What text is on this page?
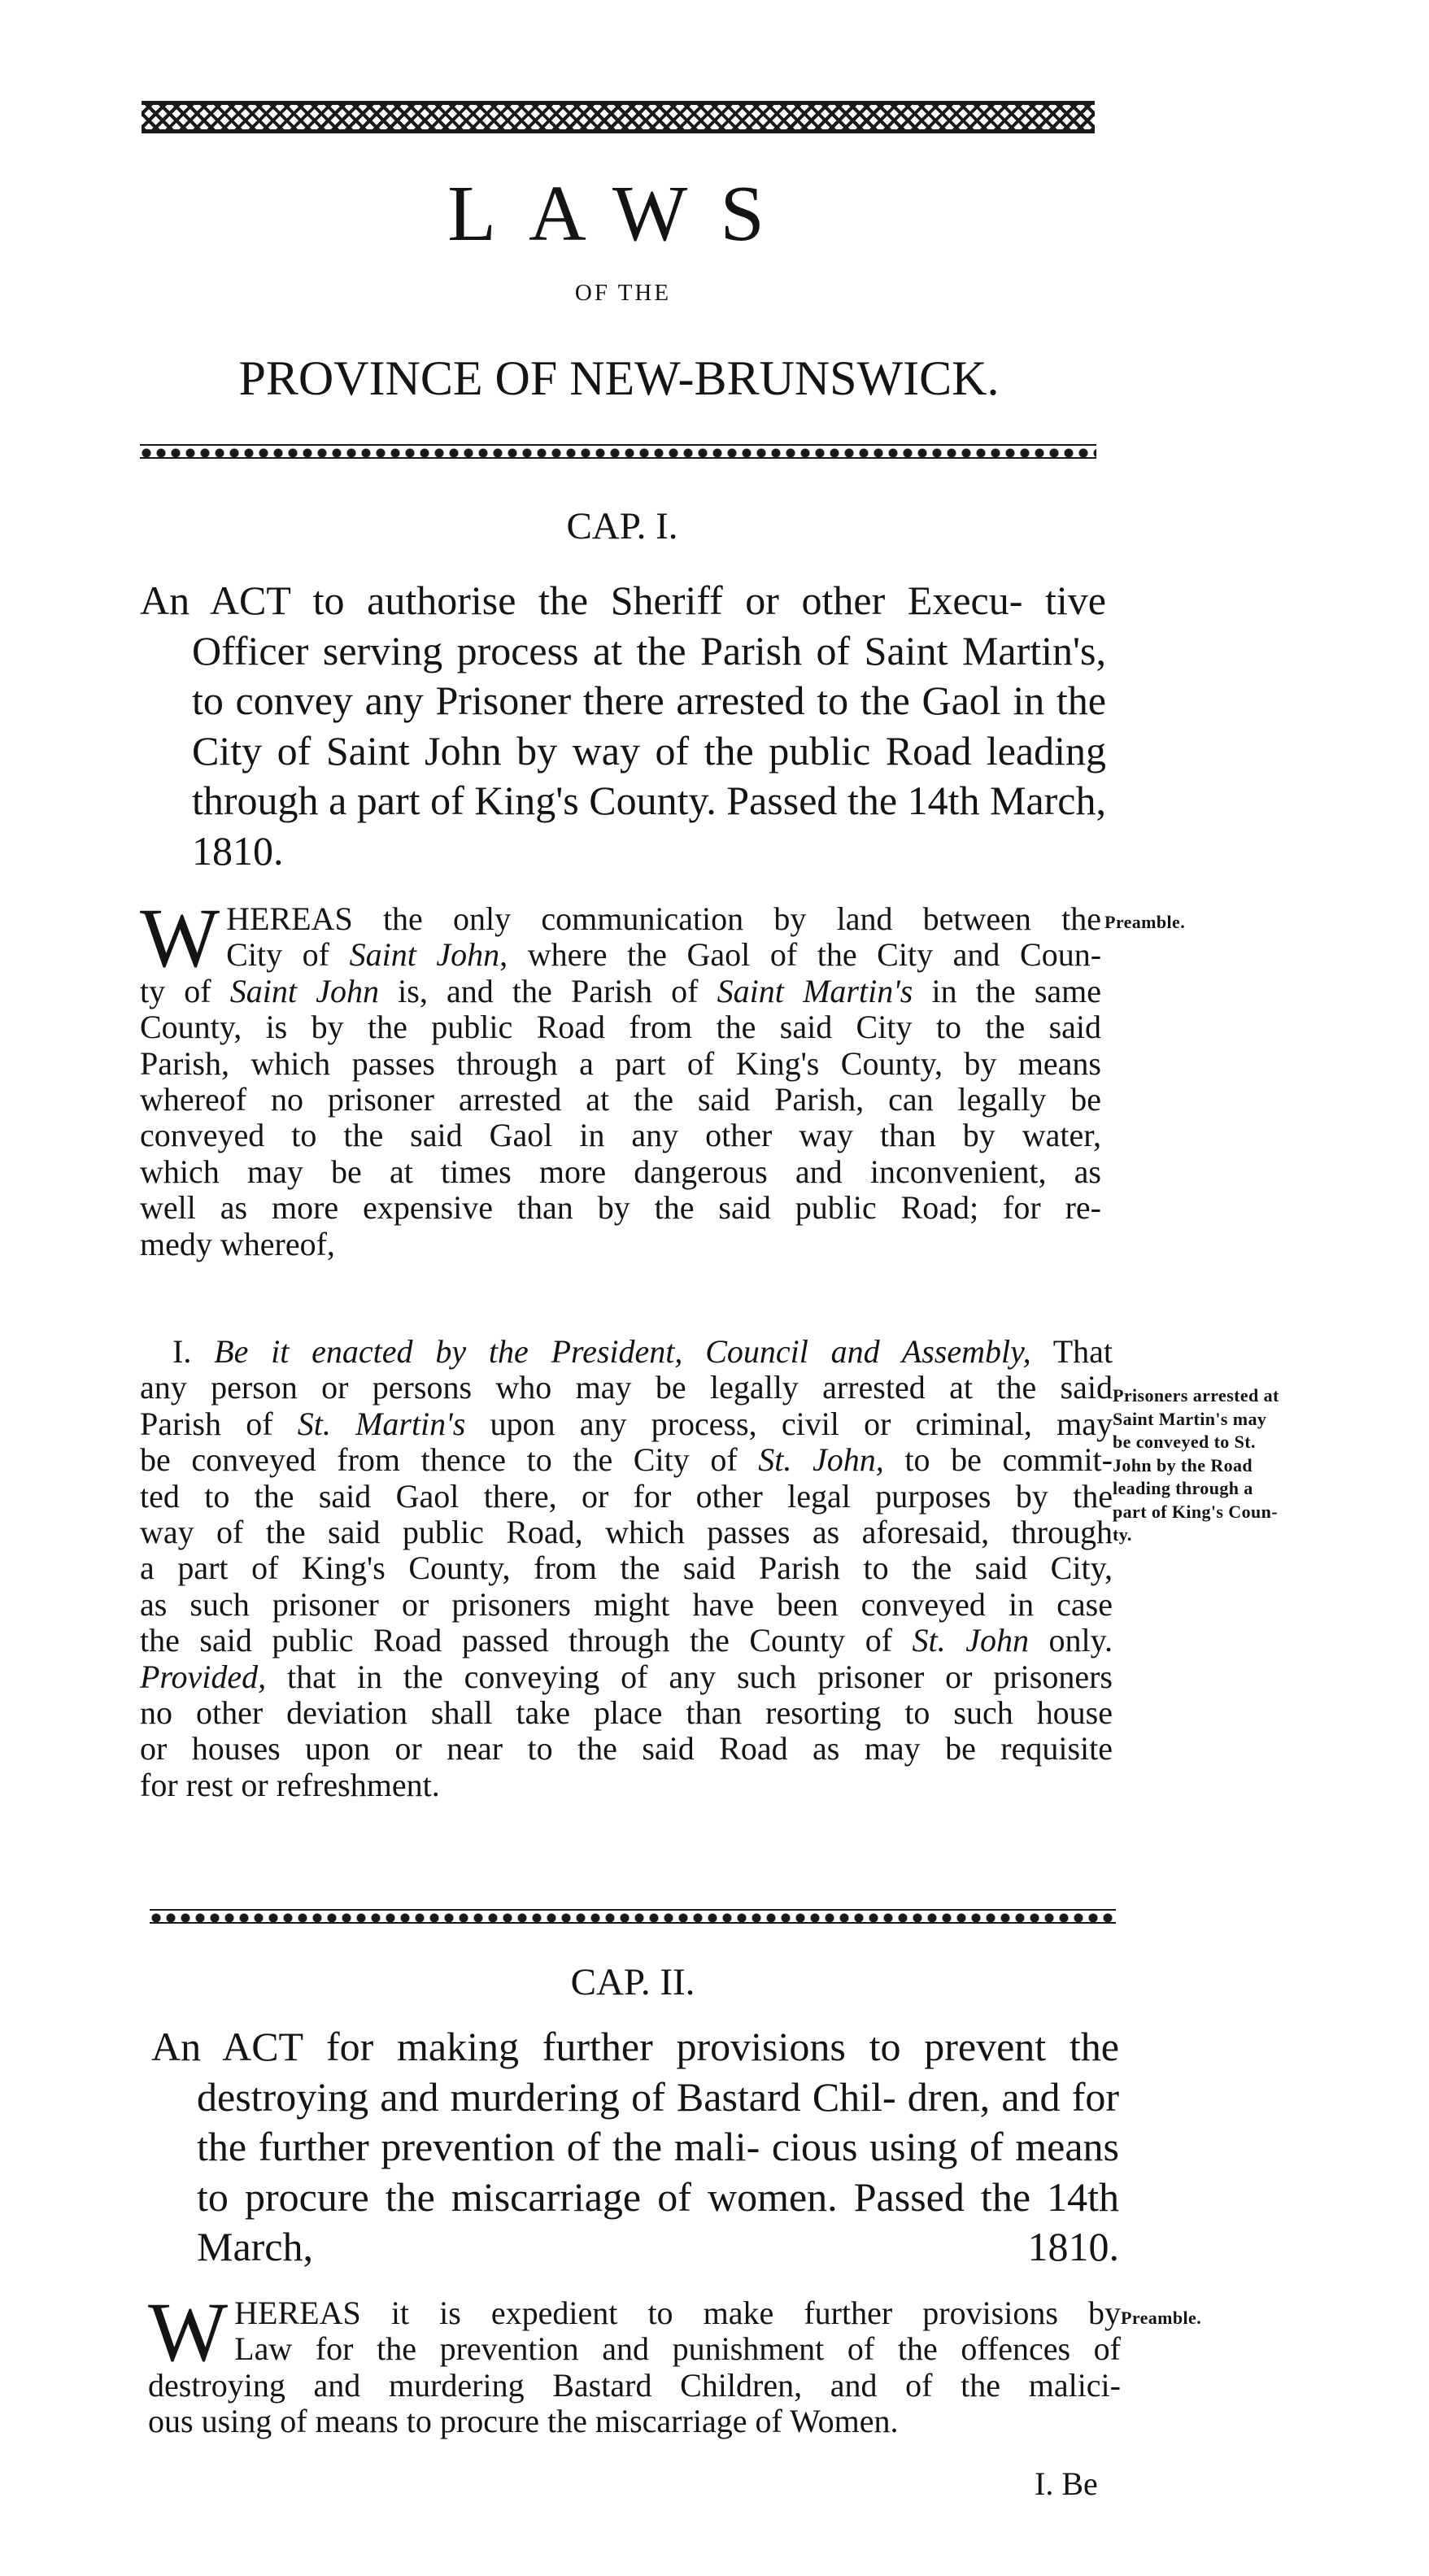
LAWS
OF THE
PROVINCE OF NEW-BRUNSWICK.
CAP. I.
An ACT to authorise the Sheriff or other Execu- tive Officer serving process at the Parish of Saint Martin's, to convey any Prisoner there arrested to the Gaol in the City of Saint John by way of the public Road leading through a part of King's County. Passed the 14th March, 1810.
W HEREAS the only communication by land between the
City of Saint John, where the Gaol of the City and Coun-
ty of Saint John is, and the Parish of Saint Martin's in the same
County, is by the public Road from the said City to the said
Parish, which passes through a part of King's County, by means
whereof no prisoner arrested at the said Parish, can legally be
conveyed to the said Gaol in any other way than by water,
which may be at times more dangerous and inconvenient, as
well as more expensive than by the said public Road; for re-
medy whereof,
Preamble.
I. Be it enacted by the President, Council and Assembly, That
any person or persons who may be legally arrested at the said
Parish of St. Martin's upon any process, civil or criminal, may
be conveyed from thence to the City of St. John, to be commit-
ted to the said Gaol there, or for other legal purposes by the
way of the said public Road, which passes as aforesaid, through
a part of King's County, from the said Parish to the said City,
as such prisoner or prisoners might have been conveyed in case
the said public Road passed through the County of St. John only.
Provided, that in the conveying of any such prisoner or prisoners
no other deviation shall take place than resorting to such house
or houses upon or near to the said Road as may be requisite
for rest or refreshment.
Prisoners arrested at
Saint Martin's may
be conveyed to St.
John by the Road
leading through a
part of King's Coun-
ty.
CAP. II.
An ACT for making further provisions to prevent the destroying and murdering of Bastard Chil- dren, and for the further prevention of the mali- cious using of means to procure the miscarriage of women. Passed the 14th March, 1810.
W HEREAS it is expedient to make further provisions by
Law for the prevention and punishment of the offences of
destroying and murdering Bastard Children, and of the malici-
ous using of means to procure the miscarriage of Women.
Preamble.
I. Be
